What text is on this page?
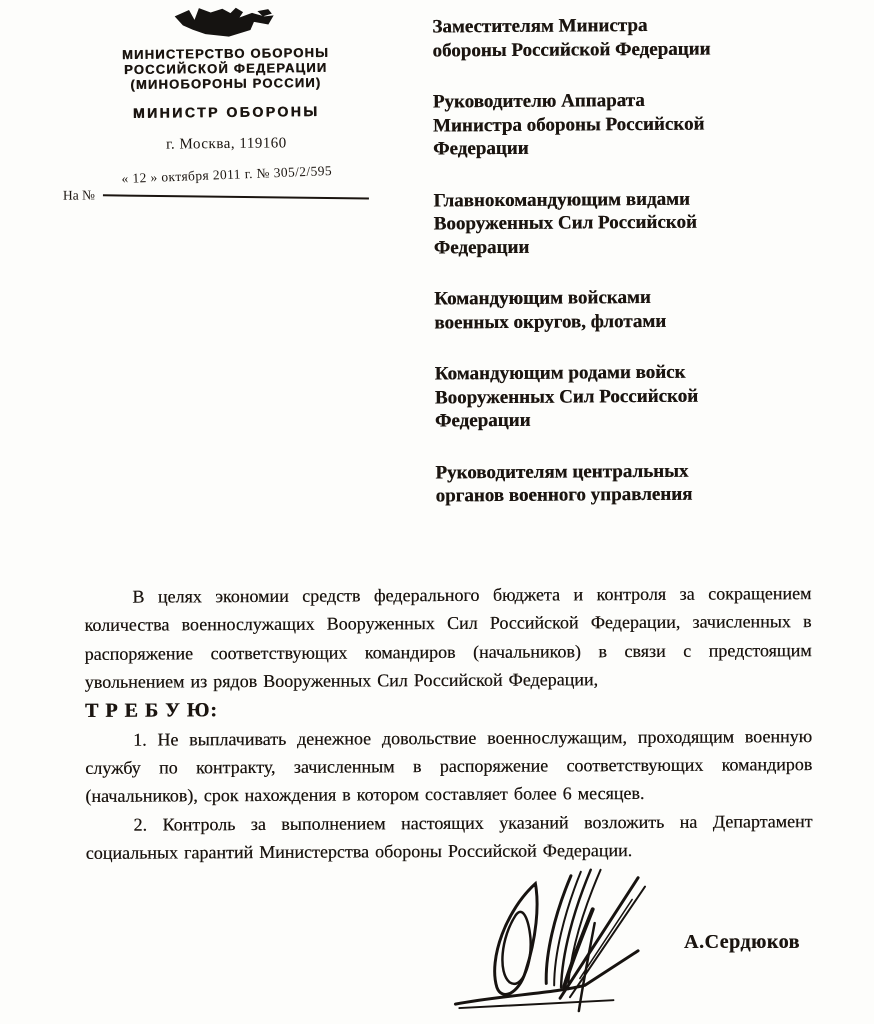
МИНИСТЕРСТВО ОБОРОНЫ
РОССИЙСКОЙ ФЕДЕРАЦИИ
(МИНОБОРОНЫ РОССИИ)
МИНИСТР ОБОРОНЫ
г. Москва, 119160
« 12 » октября 2011 г. № 305/2/595
На №
Заместителям Министра
обороны Российской Федерации
Руководителю Аппарата
Министра обороны Российской
Федерации
Главнокомандующим видами
Вооруженных Сил Российской
Федерации
Командующим войсками
военных округов, флотами
Командующим родами войск
Вооруженных Сил Российской
Федерации
Руководителям центральных
органов военного управления

В целях экономии средств федерального бюджета и контроля за сокращением количества военнослужащих Вооруженных Сил Российской Федерации, зачисленных в распоряжение соответствующих командиров (начальников) в связи с предстоящим увольнением из рядов Вооруженных Сил Российской Федерации,

Т Р Е Б У Ю:

1. Не выплачивать денежное довольствие военнослужащим, проходящим военную службу по контракту, зачисленным в распоряжение соответствующих командиров (начальников), срок нахождения в котором составляет более 6 месяцев.

2. Контроль за выполнением настоящих указаний возложить на Департамент социальных гарантий Министерства обороны Российской Федерации.

А.Сердюков
